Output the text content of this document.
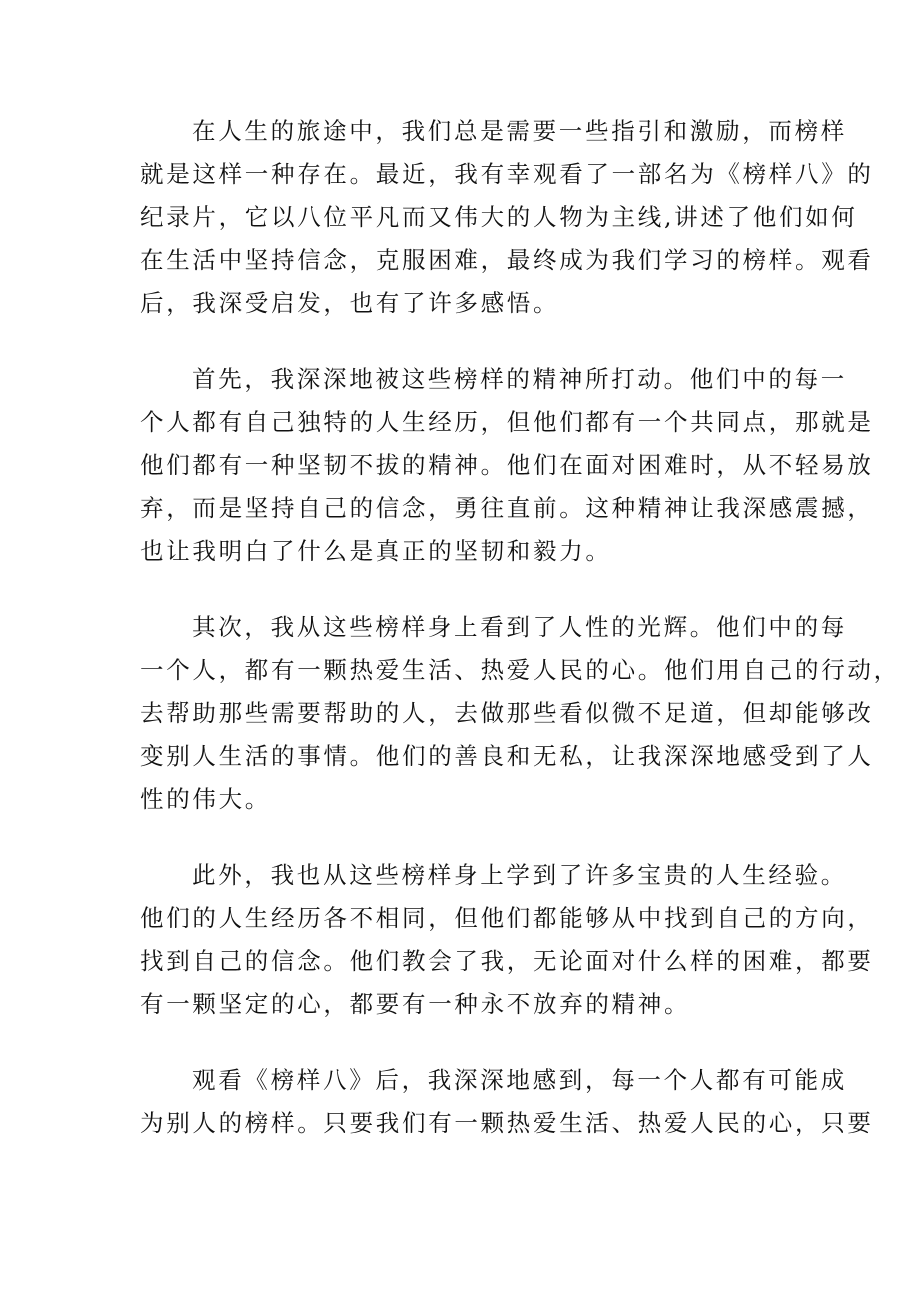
在人生的旅途中，我们总是需要一些指引和激励，而榜样
就是这样一种存在。最近，我有幸观看了一部名为《榜样八》的
纪录片，它以八位平凡而又伟大的人物为主线,讲述了他们如何
在生活中坚持信念，克服困难，最终成为我们学习的榜样。观看
后，我深受启发，也有了许多感悟。
首先，我深深地被这些榜样的精神所打动。他们中的每一
个人都有自己独特的人生经历，但他们都有一个共同点，那就是
他们都有一种坚韧不拔的精神。他们在面对困难时，从不轻易放
弃，而是坚持自己的信念，勇往直前。这种精神让我深感震撼，
也让我明白了什么是真正的坚韧和毅力。
其次，我从这些榜样身上看到了人性的光辉。他们中的每
一个人，都有一颗热爱生活、热爱人民的心。他们用自己的行动，
去帮助那些需要帮助的人，去做那些看似微不足道，但却能够改
变别人生活的事情。他们的善良和无私，让我深深地感受到了人
性的伟大。
此外，我也从这些榜样身上学到了许多宝贵的人生经验。
他们的人生经历各不相同，但他们都能够从中找到自己的方向，
找到自己的信念。他们教会了我，无论面对什么样的困难，都要
有一颗坚定的心，都要有一种永不放弃的精神。
观看《榜样八》后，我深深地感到，每一个人都有可能成
为别人的榜样。只要我们有一颗热爱生活、热爱人民的心，只要
